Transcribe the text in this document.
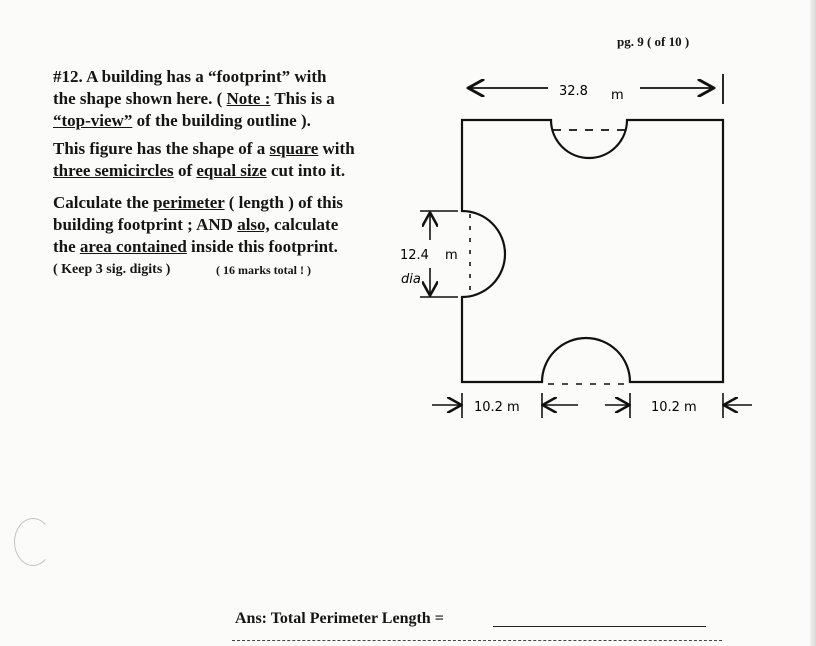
pg. 9 ( of 10 )
#12. A building has a “footprint” with
the shape shown here. ( Note : This is a
“top-view” of the building outline ).
This figure has the shape of a square with
three semicircles of equal size cut into it.
Calculate the perimeter ( length ) of this
building footprint ; AND also, calculate
the area contained inside this footprint.
( Keep 3 sig. digits )	( 16 marks total ! )
32.8 m
12.4 m
dia
10.2 m	10.2 m
Ans: Total Perimeter Length =
